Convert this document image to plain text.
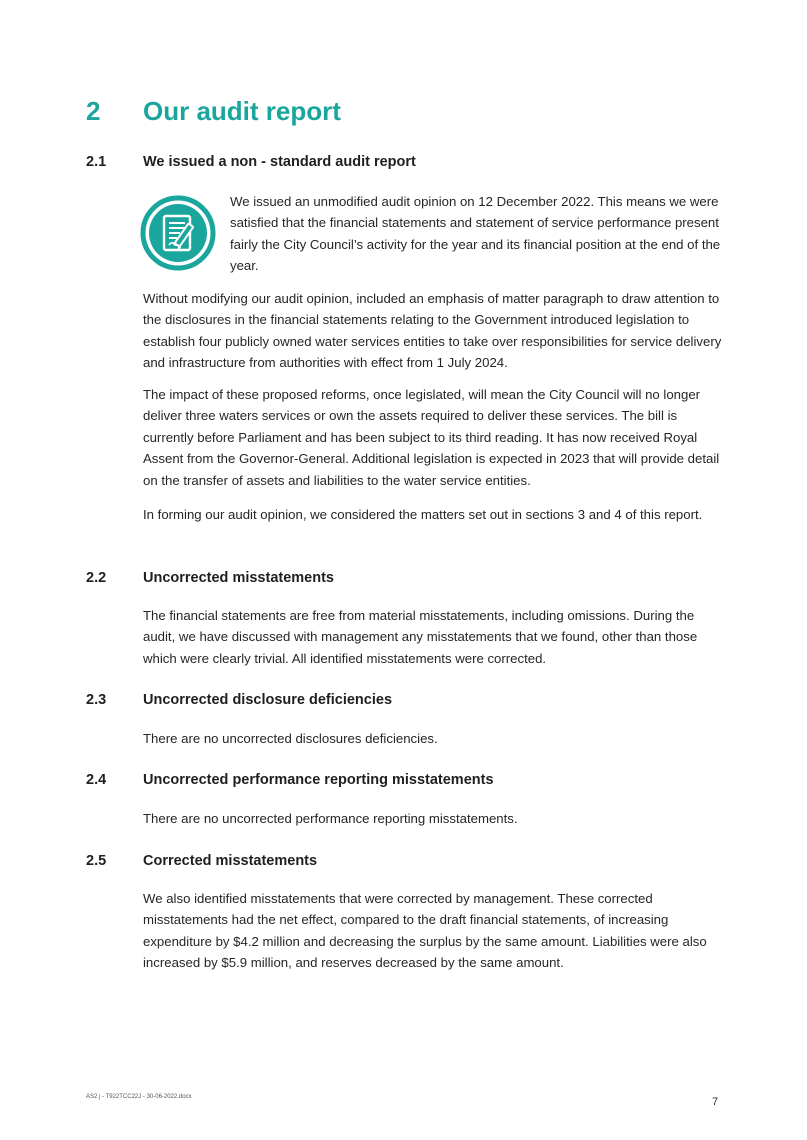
2 Our audit report
2.1	We issued a non - standard audit report
We issued an unmodified audit opinion on 12 December 2022. This means we were satisfied that the financial statements and statement of service performance present fairly the City Council’s activity for the year and its financial position at the end of the year.
Without modifying our audit opinion, included an emphasis of matter paragraph to draw attention to the disclosures in the financial statements relating to the Government introduced legislation to establish four publicly owned water services entities to take over responsibilities for service delivery and infrastructure from authorities with effect from 1 July 2024.
The impact of these proposed reforms, once legislated, will mean the City Council will no longer deliver three waters services or own the assets required to deliver these services. The bill is currently before Parliament and has been subject to its third reading. It has now received Royal Assent from the Governor-General. Additional legislation is expected in 2023 that will provide detail on the transfer of assets and liabilities to the water service entities.
In forming our audit opinion, we considered the matters set out in sections 3 and 4 of this report.
2.2	Uncorrected misstatements
The financial statements are free from material misstatements, including omissions. During the audit, we have discussed with management any misstatements that we found, other than those which were clearly trivial. All identified misstatements were corrected.
2.3	Uncorrected disclosure deficiencies
There are no uncorrected disclosures deficiencies.
2.4	Uncorrected performance reporting misstatements
There are no uncorrected performance reporting misstatements.
2.5	Corrected misstatements
We also identified misstatements that were corrected by management. These corrected misstatements had the net effect, compared to the draft financial statements, of increasing expenditure by $4.2 million and decreasing the surplus by the same amount. Liabilities were also increased by $5.9 million, and reserves decreased by the same amount.
AS2 j - T922TCC22J - 30-06-2022.docx	7
